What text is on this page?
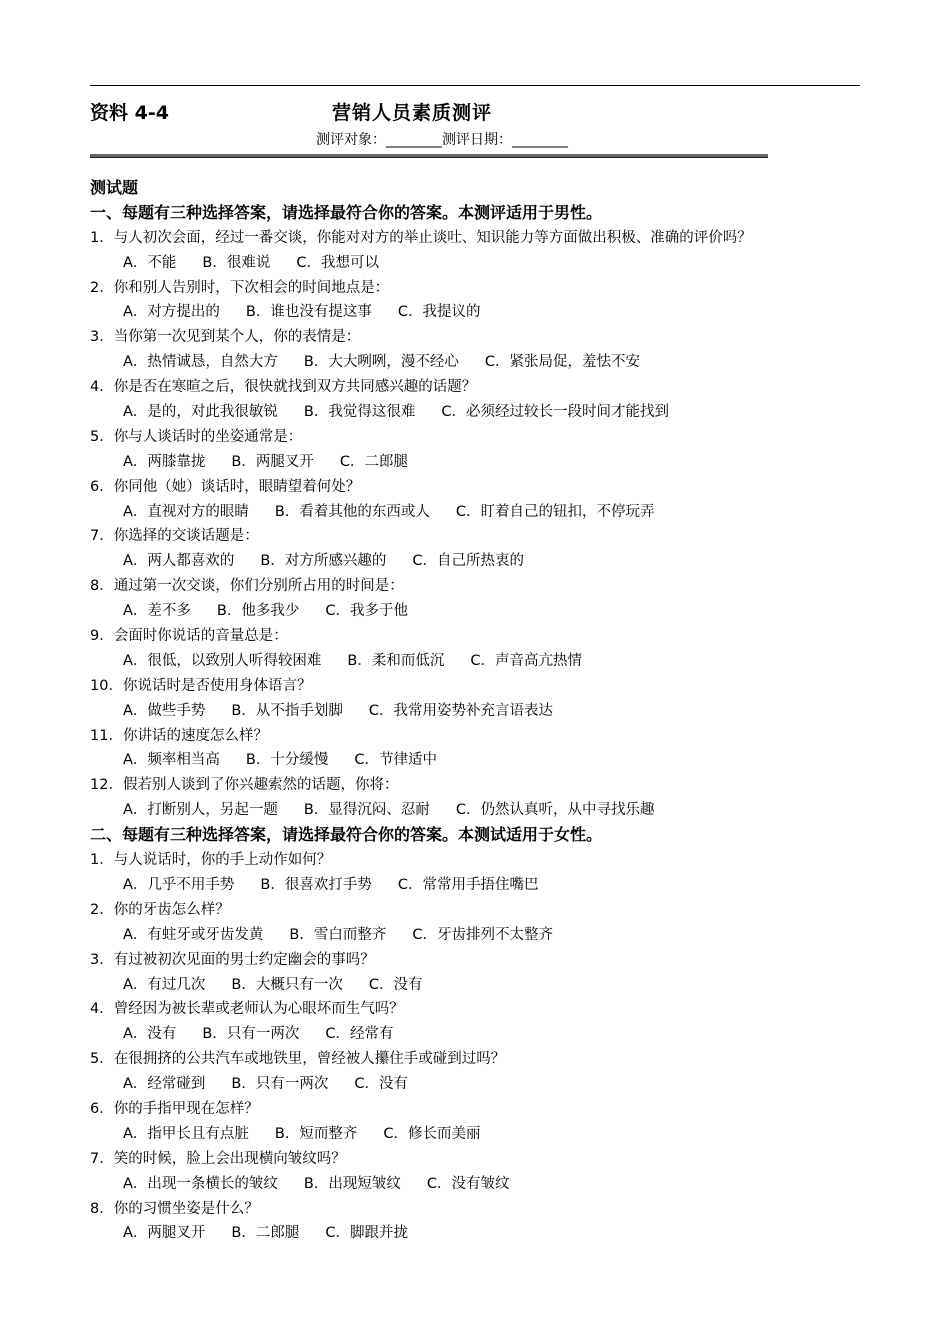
资料 4-4	营销人员素质测评
测评对象：________测评日期：________
测试题
一、每题有三种选择答案，请选择最符合你的答案。本测评适用于男性。
1．与人初次会面，经过一番交谈，你能对对方的举止谈吐、知识能力等方面做出积极、准确的评价吗？
A．不能 B．很难说 C．我想可以
2．你和别人告别时，下次相会的时间地点是：
A．对方提出的 B．谁也没有提这事 C．我提议的
3．当你第一次见到某个人，你的表情是：
A．热情诚恳，自然大方 B．大大咧咧，漫不经心 C．紧张局促，羞怯不安
4．你是否在寒暄之后，很快就找到双方共同感兴趣的话题？
A．是的，对此我很敏锐 B．我觉得这很难 C．必须经过较长一段时间才能找到
5．你与人谈话时的坐姿通常是：
A．两膝靠拢 B．两腿叉开 C．二郎腿
6．你同他（她）谈话时，眼睛望着何处？
A．直视对方的眼睛 B．看着其他的东西或人 C．盯着自己的钮扣，不停玩弄
7．你选择的交谈话题是：
A．两人都喜欢的 B．对方所感兴趣的 C．自己所热衷的
8．通过第一次交谈，你们分别所占用的时间是：
A．差不多 B．他多我少 C．我多于他
9．会面时你说话的音量总是：
A．很低，以致别人听得较困难 B．柔和而低沉 C．声音高亢热情
10．你说话时是否使用身体语言？
A．做些手势 B．从不指手划脚 C．我常用姿势补充言语表达
11．你讲话的速度怎么样？
A．频率相当高 B．十分缓慢 C．节律适中
12．假若别人谈到了你兴趣索然的话题，你将：
A．打断别人，另起一题 B．显得沉闷、忍耐 C．仍然认真听，从中寻找乐趣
二、每题有三种选择答案，请选择最符合你的答案。本测试适用于女性。
1．与人说话时，你的手上动作如何？
A．几乎不用手势 B．很喜欢打手势 C．常常用手捂住嘴巴
2．你的牙齿怎么样？
A．有蛀牙或牙齿发黄 B．雪白而整齐 C．牙齿排列不太整齐
3．有过被初次见面的男士约定幽会的事吗？
A．有过几次 B．大概只有一次 C．没有
4．曾经因为被长辈或老师认为心眼坏而生气吗？
A．没有 B．只有一两次 C．经常有
5．在很拥挤的公共汽车或地铁里，曾经被人攥住手或碰到过吗？
A．经常碰到 B．只有一两次 C．没有
6．你的手指甲现在怎样？
A．指甲长且有点脏 B．短而整齐 C．修长而美丽
7．笑的时候，脸上会出现横向皱纹吗？
A．出现一条横长的皱纹 B．出现短皱纹 C．没有皱纹
8．你的习惯坐姿是什么？
A．两腿叉开 B．二郎腿 C．脚跟并拢
